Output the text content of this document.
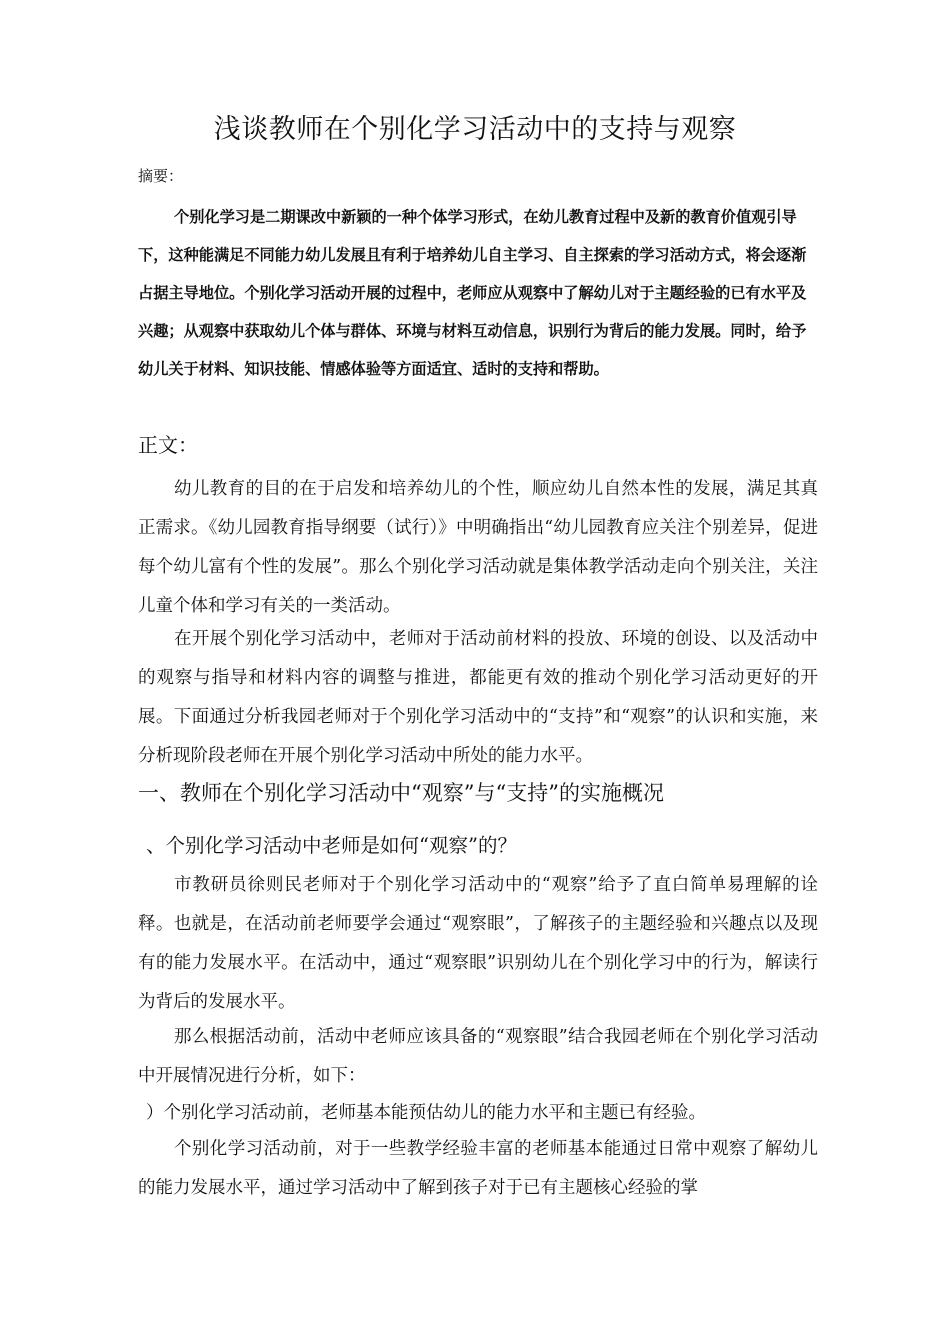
浅谈教师在个别化学习活动中的支持与观察
摘要：

个别化学习是二期课改中新颖的一种个体学习形式，在幼儿教育过程中及新的教育价值观引导下，这种能满足不同能力幼儿发展且有利于培养幼儿自主学习、自主探索的学习活动方式，将会逐渐占据主导地位。个别化学习活动开展的过程中，老师应从观察中了解幼儿对于主题经验的已有水平及兴趣；从观察中获取幼儿个体与群体、环境与材料互动信息，识别行为背后的能力发展。同时，给予幼儿关于材料、知识技能、情感体验等方面适宜、适时的支持和帮助。

正文：

幼儿教育的目的在于启发和培养幼儿的个性，顺应幼儿自然本性的发展，满足其真正需求。《幼儿园教育指导纲要（试行）》中明确指出“幼儿园教育应关注个别差异，促进每个幼儿富有个性的发展”。那么个别化学习活动就是集体教学活动走向个别关注，关注儿童个体和学习有关的一类活动。

在开展个别化学习活动中，老师对于活动前材料的投放、环境的创设、以及活动中的观察与指导和材料内容的调整与推进，都能更有效的推动个别化学习活动更好的开展。下面通过分析我园老师对于个别化学习活动中的“支持”和“观察”的认识和实施，来分析现阶段老师在开展个别化学习活动中所处的能力水平。

一、教师在个别化学习活动中“观察”与“支持”的实施概况
、个别化学习活动中老师是如何“观察”的？

市教研员徐则民老师对于个别化学习活动中的“观察”给予了直白简单易理解的诠释。也就是，在活动前老师要学会通过“观察眼”，了解孩子的主题经验和兴趣点以及现有的能力发展水平。在活动中，通过“观察眼”识别幼儿在个别化学习中的行为，解读行为背后的发展水平。

那么根据活动前，活动中老师应该具备的“观察眼”结合我园老师在个别化学习活动中开展情况进行分析，如下：

）个别化学习活动前，老师基本能预估幼儿的能力水平和主题已有经验。

个别化学习活动前，对于一些教学经验丰富的老师基本能通过日常中观察了解幼儿的能力发展水平，通过学习活动中了解到孩子对于已有主题核心经验的掌
